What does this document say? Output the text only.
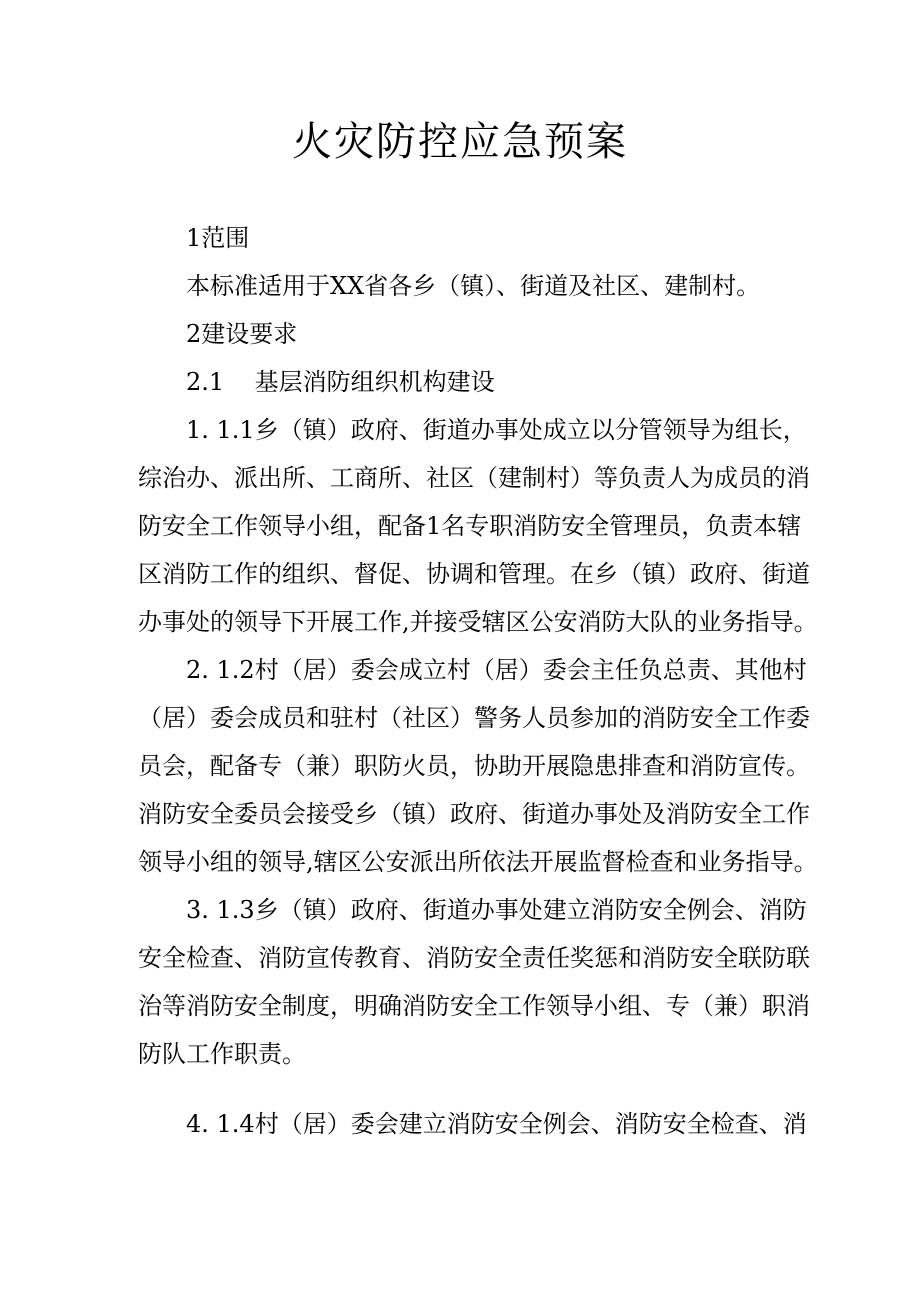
火灾防控应急预案

1范围

本标准适用于XX省各乡（镇）、街道及社区、建制村。

2建设要求

2.1    基层消防组织机构建设

1. 1.1乡（镇）政府、街道办事处成立以分管领导为组长，

综治办、派出所、工商所、社区（建制村）等负责人为成员的消

防安全工作领导小组，配备1名专职消防安全管理员，负责本辖

区消防工作的组织、督促、协调和管理。在乡（镇）政府、街道

办事处的领导下开展工作,并接受辖区公安消防大队的业务指导。

2. 1.2村（居）委会成立村（居）委会主任负总责、其他村

（居）委会成员和驻村（社区）警务人员参加的消防安全工作委

员会，配备专（兼）职防火员，协助开展隐患排查和消防宣传。

消防安全委员会接受乡（镇）政府、街道办事处及消防安全工作

领导小组的领导,辖区公安派出所依法开展监督检查和业务指导。

3. 1.3乡（镇）政府、街道办事处建立消防安全例会、消防

安全检查、消防宣传教育、消防安全责任奖惩和消防安全联防联

治等消防安全制度，明确消防安全工作领导小组、专（兼）职消

防队工作职责。

4. 1.4村（居）委会建立消防安全例会、消防安全检查、消
